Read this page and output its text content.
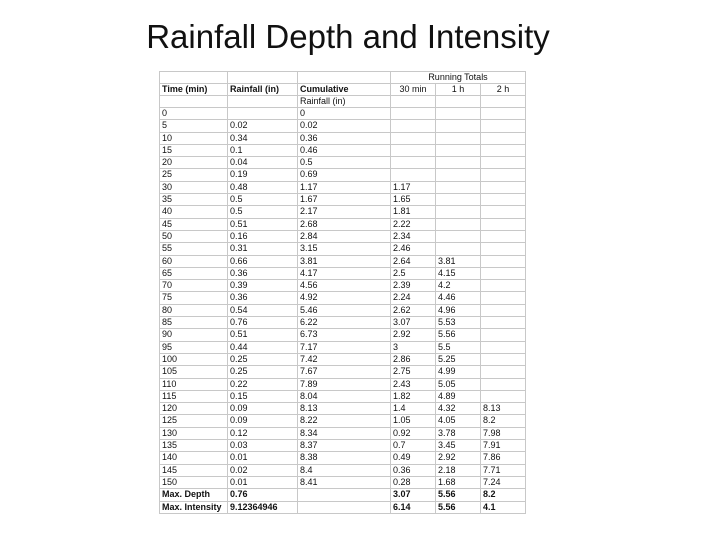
Rainfall Depth and Intensity
			Running Totals		
Time (min)	Rainfall (in)	Cumulative	30 min	1 h	2 h
		Rainfall (in)			
0		0			
5	0.02	0.02			
10	0.34	0.36			
15	0.1	0.46			
20	0.04	0.5			
25	0.19	0.69			
30	0.48	1.17	1.17		
35	0.5	1.67	1.65		
40	0.5	2.17	1.81		
45	0.51	2.68	2.22		
50	0.16	2.84	2.34		
55	0.31	3.15	2.46		
60	0.66	3.81	2.64	3.81	
65	0.36	4.17	2.5	4.15	
70	0.39	4.56	2.39	4.2	
75	0.36	4.92	2.24	4.46	
80	0.54	5.46	2.62	4.96	
85	0.76	6.22	3.07	5.53	
90	0.51	6.73	2.92	5.56	
95	0.44	7.17	3	5.5	
100	0.25	7.42	2.86	5.25	
105	0.25	7.67	2.75	4.99	
110	0.22	7.89	2.43	5.05	
115	0.15	8.04	1.82	4.89	
120	0.09	8.13	1.4	4.32	8.13
125	0.09	8.22	1.05	4.05	8.2
130	0.12	8.34	0.92	3.78	7.98
135	0.03	8.37	0.7	3.45	7.91
140	0.01	8.38	0.49	2.92	7.86
145	0.02	8.4	0.36	2.18	7.71
150	0.01	8.41	0.28	1.68	7.24
Max. Depth	0.76		3.07	5.56	8.2
Max. Intensity	9.12364946		6.14	5.56	4.1
